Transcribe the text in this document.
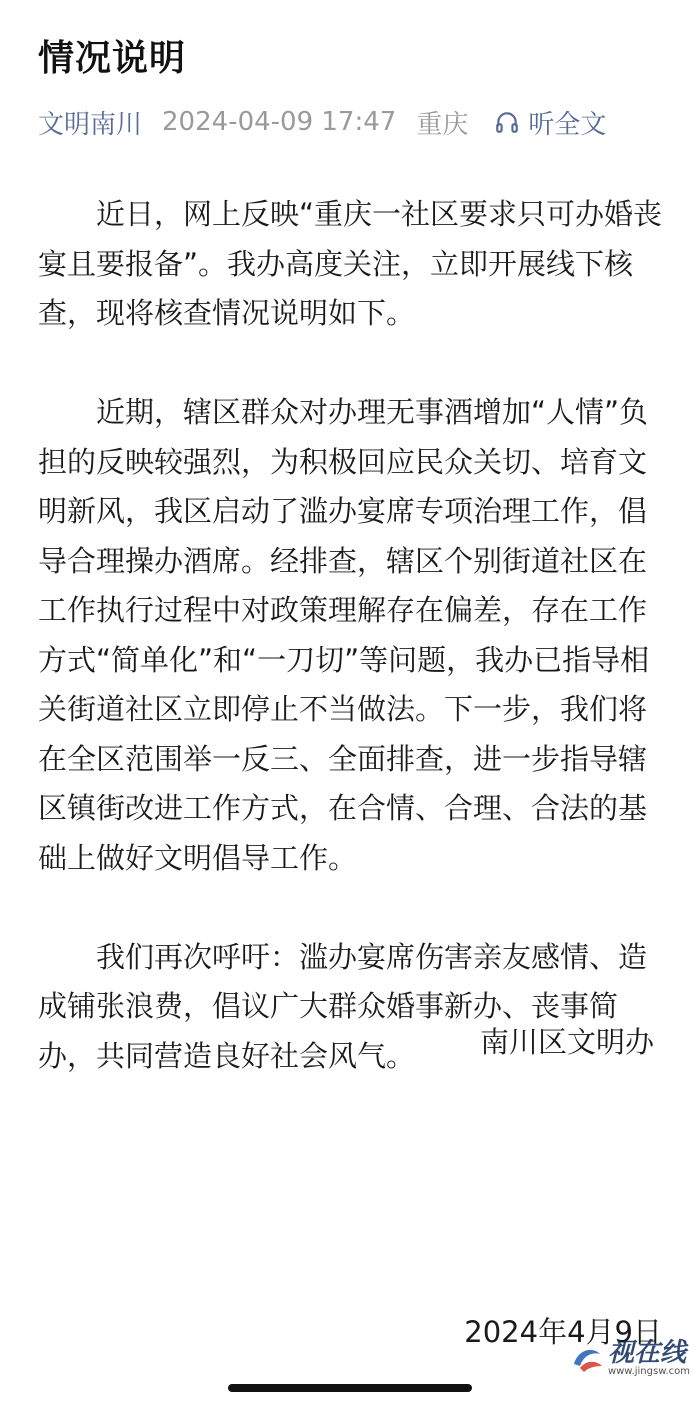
情况说明
文明南川 2024-04-09 17:47 重庆 听全文

近日，网上反映“重庆一社区要求只可办婚丧宴且要报备”。我办高度关注，立即开展线下核查，现将核查情况说明如下。

近期，辖区群众对办理无事酒增加“人情”负担的反映较强烈，为积极回应民众关切、培育文明新风，我区启动了滥办宴席专项治理工作，倡导合理操办酒席。经排查，辖区个别街道社区在工作执行过程中对政策理解存在偏差，存在工作方式“简单化”和“一刀切”等问题，我办已指导相关街道社区立即停止不当做法。下一步，我们将在全区范围举一反三、全面排查，进一步指导辖区镇街改进工作方式，在合情、合理、合法的基础上做好文明倡导工作。

我们再次呼吁：滥办宴席伤害亲友感情、造成铺张浪费，倡议广大群众婚事新办、丧事简办，共同营造良好社会风气。	南川区文明办
2024年4月9日
视在线
www.jingsw.com
